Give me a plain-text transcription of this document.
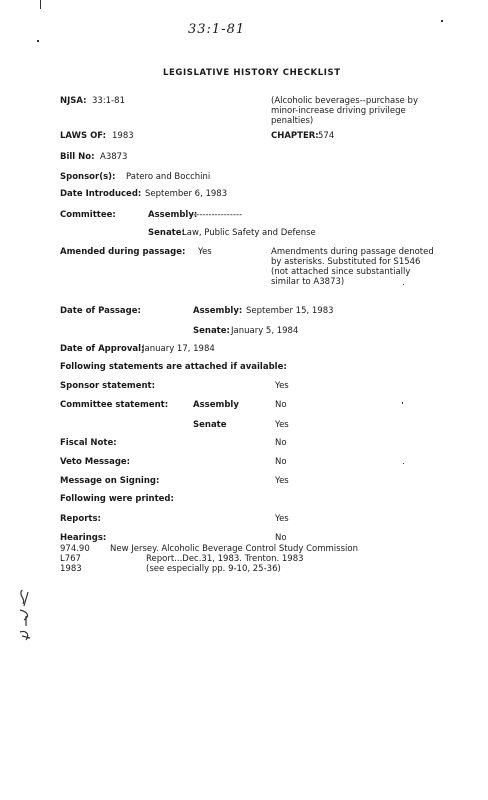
33:1-81
LEGISLATIVE HISTORY CHECKLIST
NJSA: 33:1-81	(Alcoholic beverages--purchase by minor-increase driving privilege penalties)
LAWS OF: 1983	CHAPTER: 574
Bill No: A3873
Sponsor(s): Patero and Bocchini
Date Introduced: September 6, 1983
Committee:	Assembly:
-----------------
Senate:
Law, Public Safety and Defense
Amended during passage: Yes	Amendments during passage denoted by asterisks. Substituted for S1546 (not attached since substantially similar to A3873)
Date of Passage:	Assembly: September 15, 1983
Senate: January 5, 1984
Date of Approval:
January 17, 1984
Following statements are attached if available:
Sponsor statement:	Yes
Committee statement:	Assembly	No
Senate	Yes
Fiscal Note:	No
Veto Message:	No
Message on Signing:	Yes
Following were printed:
Reports:	Yes
Hearings:	No
974.90 New Jersey. Alcoholic Beverage Control Study Commission
L767	Report...Dec.31, 1983. Trenton. 1983
1983	(see especially pp. 9-10, 25-36)
